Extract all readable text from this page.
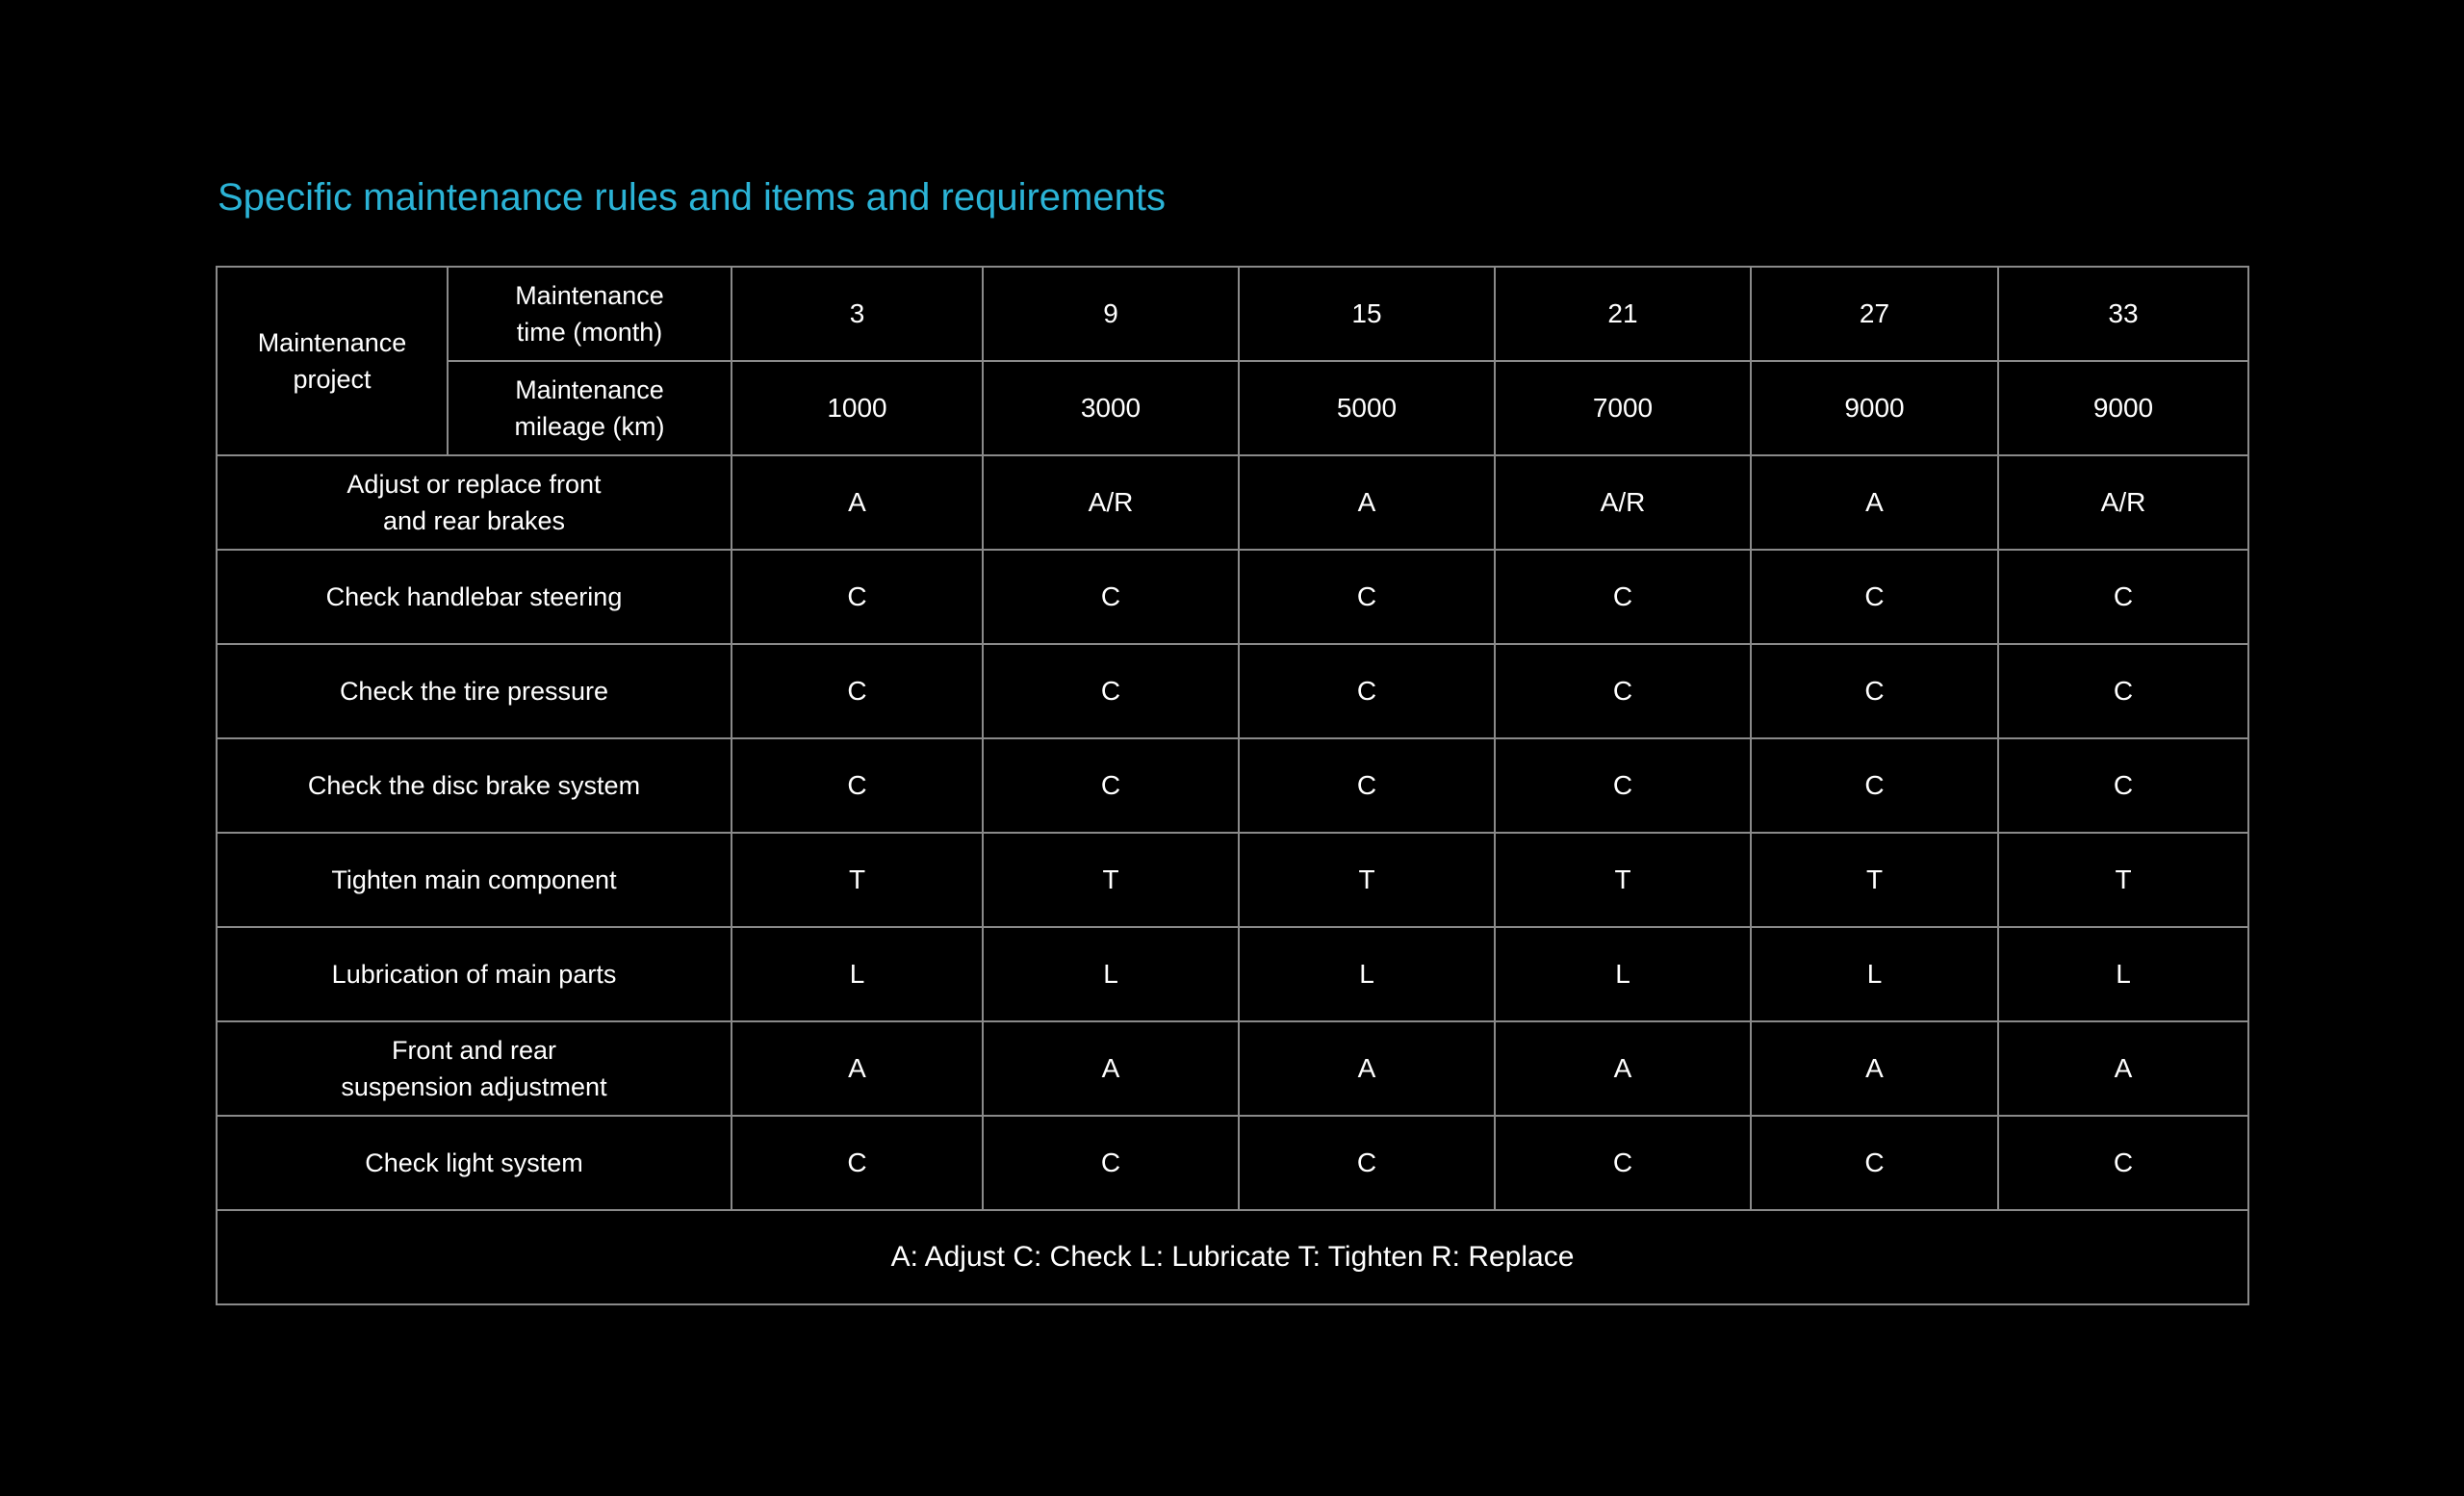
Specific maintenance rules and items and requirements
Maintenance
project	Maintenance
time (month)	3	9	15	21	27	33

	Maintenance
mileage (km)	1000	3000	5000	7000	9000	9000

Adjust or replace front
and rear brakes		A	A/R	A	A/R	A	A/R

Check handlebar steering		C	C	C	C	C	C

Check the tire pressure		C	C	C	C	C	C

Check the disc brake system		C	C	C	C	C	C

Tighten main component		T	T	T	T	T	T

Lubrication of main parts		L	L	L	L	L	L

Front and rear
suspension adjustment		A	A	A	A	A	A

Check light system		C	C	C	C	C	C
A: Adjust C: Check L: Lubricate T: Tighten R: Replace							
